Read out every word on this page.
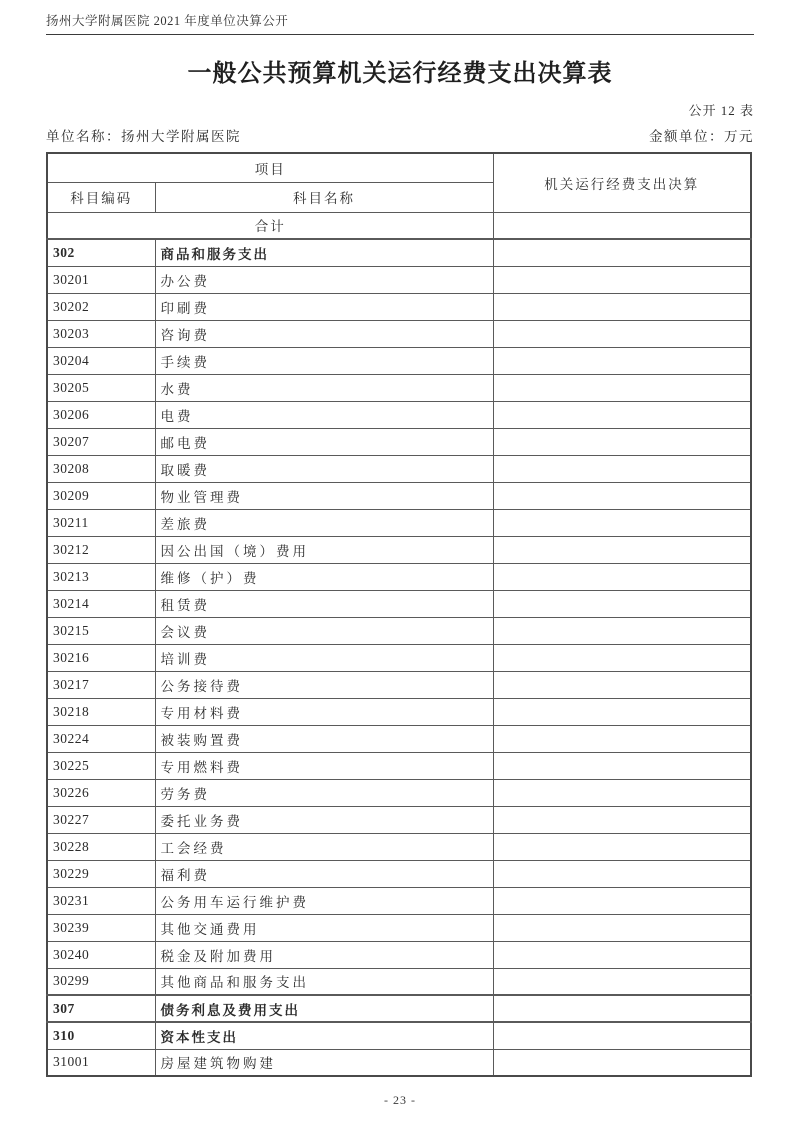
扬州大学附属医院 2021 年度单位决算公开
一般公共预算机关运行经费支出决算表
公开 12 表
单位名称：扬州大学附属医院	金额单位：万元
项目		机关运行经费支出决算
科目编码	科目名称	
合计		
302	商品和服务支出	
30201	办公费	
30202	印刷费	
30203	咨询费	
30204	手续费	
30205	水费	
30206	电费	
30207	邮电费	
30208	取暖费	
30209	物业管理费	
30211	差旅费	
30212	因公出国（境）费用	
30213	维修（护）费	
30214	租赁费	
30215	会议费	
30216	培训费	
30217	公务接待费	
30218	专用材料费	
30224	被装购置费	
30225	专用燃料费	
30226	劳务费	
30227	委托业务费	
30228	工会经费	
30229	福利费	
30231	公务用车运行维护费	
30239	其他交通费用	
30240	税金及附加费用	
30299	其他商品和服务支出	
307	债务利息及费用支出	
310	资本性支出	
31001	房屋建筑物购建	
- 23 -
